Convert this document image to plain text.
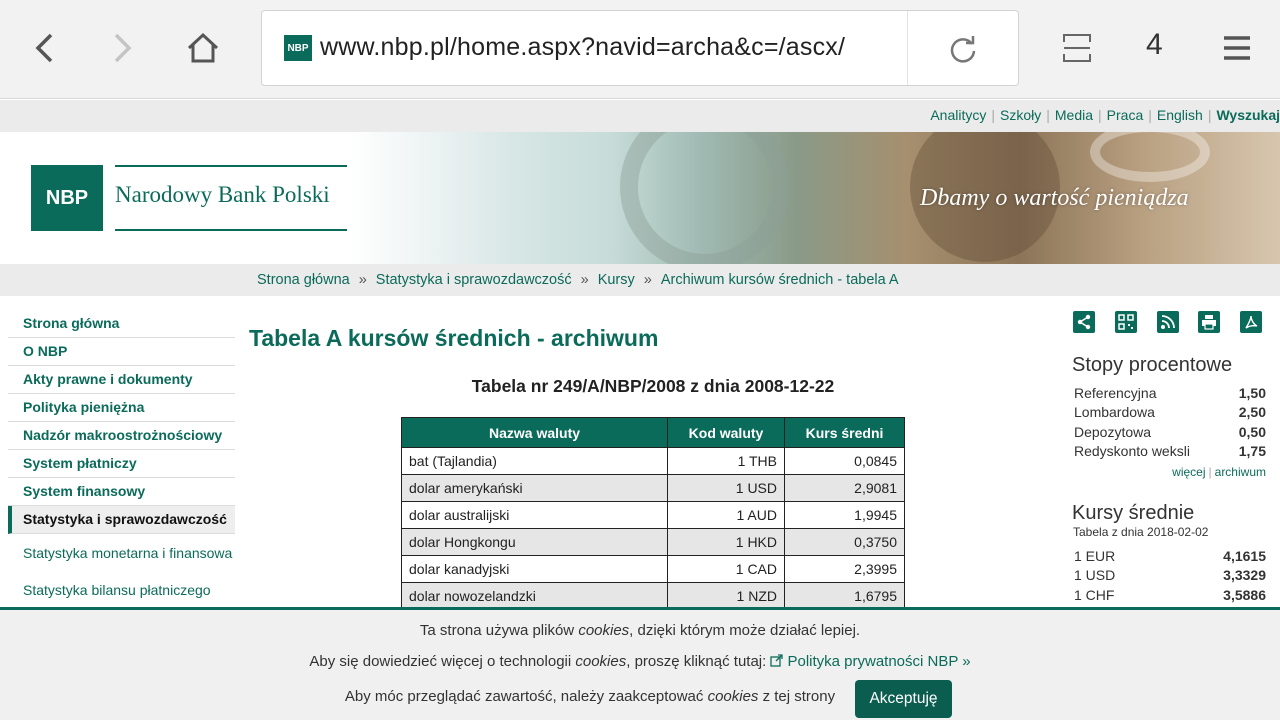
NBP www.nbp.pl/home.aspx?navid=archa&c=/ascx/	4
Analitycy | Szkoły | Media | Praca | English | Wyszukaj
NBP	Narodowy Bank Polski	Dbamy o wartość pieniądza
Strona główna » Statystyka i sprawozdawczość » Kursy » Archiwum kursów średnich - tabela A
Strona główna
O NBP
Akty prawne i dokumenty
Polityka pieniężna
Nadzór makroostrożnościowy
System płatniczy
System finansowy
Statystyka i sprawozdawczość
Statystyka monetarna i finansowa
Statystyka bilansu płatniczego
Tabela A kursów średnich - archiwum
Tabela nr 249/A/NBP/2008 z dnia 2008-12-22
Nazwa waluty	Kod waluty	Kurs średni
bat (Tajlandia)	1 THB	0,0845
dolar amerykański	1 USD	2,9081
dolar australijski	1 AUD	1,9945
dolar Hongkongu	1 HKD	0,3750
dolar kanadyjski	1 CAD	2,3995
dolar nowozelandzki	1 NZD	1,6795
Stopy procentowe
Referencyjna	1,50
Lombardowa	2,50
Depozytowa	0,50
Redyskonto weksli	1,75
więcej | archiwum
Kursy średnie
Tabela z dnia 2018-02-02
1 EUR	4,1615
1 USD	3,3329
1 CHF	3,5886
Ta strona używa plików cookies, dzięki którym może działać lepiej.
Aby się dowiedzieć więcej o technologii cookies, proszę kliknąć tutaj: Polityka prywatności NBP »
Aby móc przeglądać zawartość, należy zaakceptować cookies z tej strony	Akceptuję
